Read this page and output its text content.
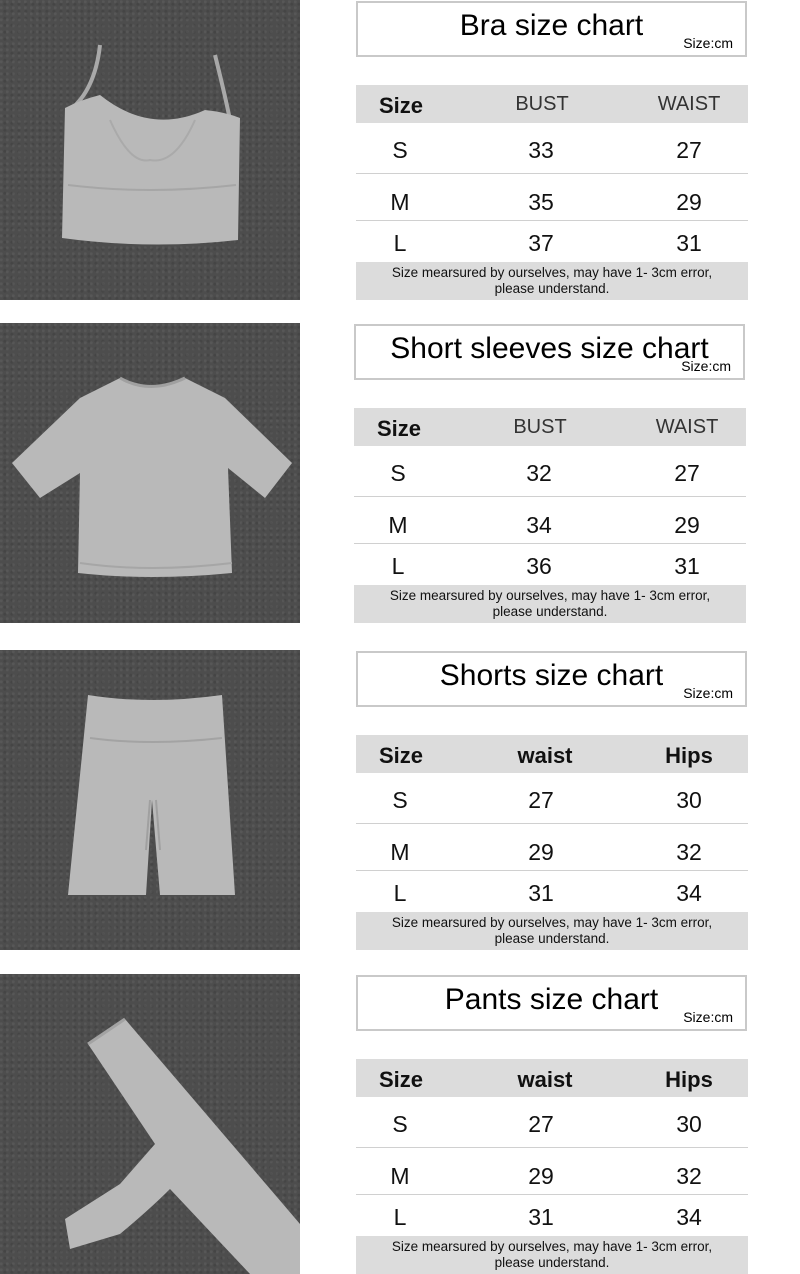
Bra size chart
Size:cm
Size	BUST	WAIST
S	33	27
M	35	29
L	37	31
Size mearsured by ourselves, may have 1- 3cm error,
please understand.
Short sleeves size chart
Size:cm
Size	BUST	WAIST
S	32	27
M	34	29
L	36	31
Size mearsured by ourselves, may have 1- 3cm error,
please understand.
Shorts size chart
Size:cm
Size	waist	Hips
S	27	30
M	29	32
L	31	34
Size mearsured by ourselves, may have 1- 3cm error,
please understand.
Pants size chart
Size:cm
Size	waist	Hips
S	27	30
M	29	32
L	31	34
Size mearsured by ourselves, may have 1- 3cm error,
please understand.
